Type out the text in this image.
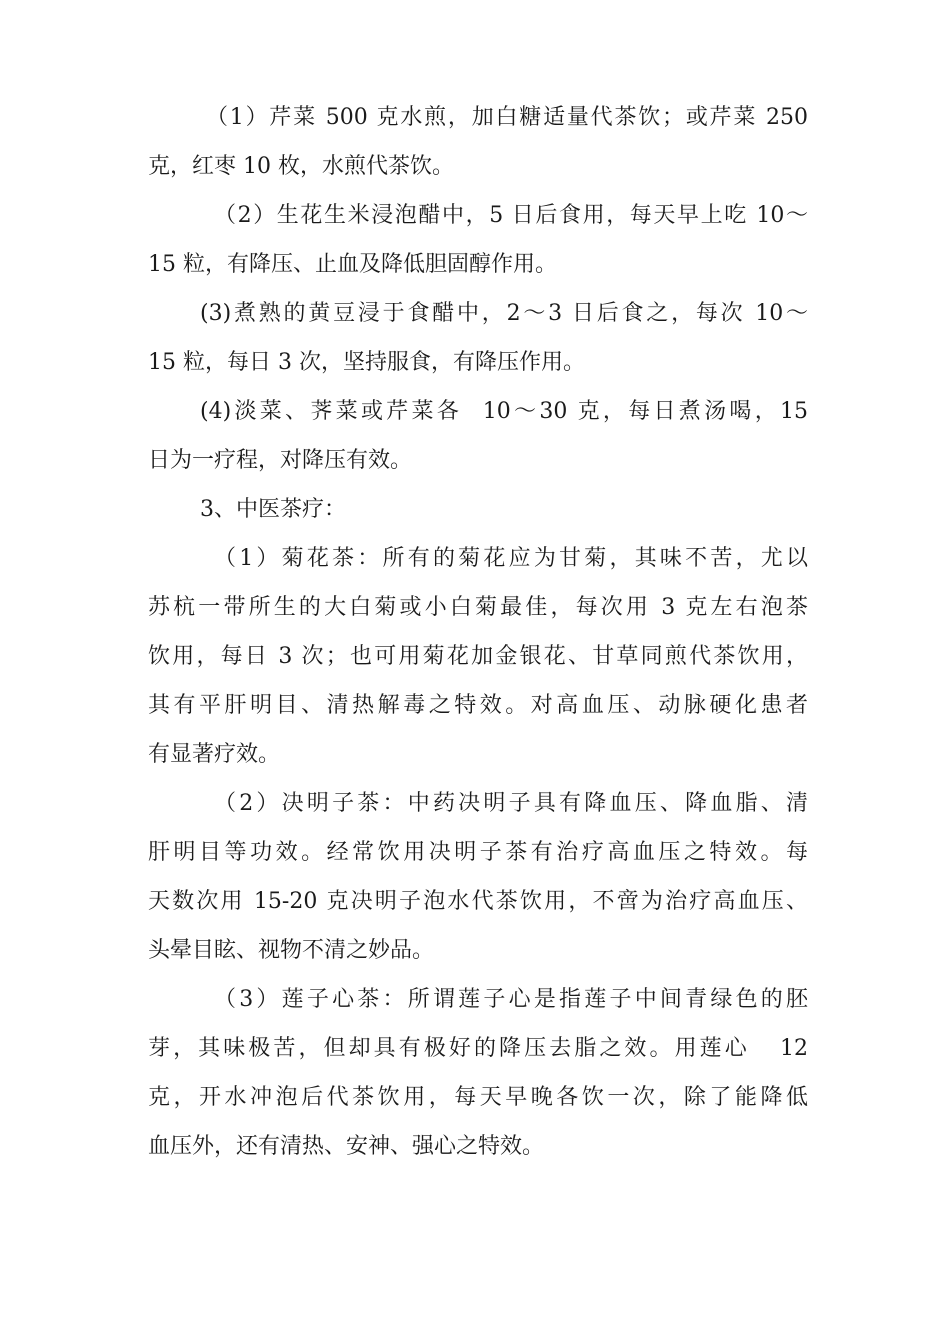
（1）芹菜 500 克水煎，加白糖适量代茶饮；或芹菜 250
克，红枣 10 枚，水煎代茶饮。
（2）生花生米浸泡醋中，5 日后食用，每天早上吃 10～
15 粒，有降压、止血及降低胆固醇作用。
(3)煮熟的黄豆浸于食醋中，2～3 日后食之，每次 10～
15 粒，每日 3 次，坚持服食，有降压作用。
(4)淡菜、荠菜或芹菜各  10～30 克，每日煮汤喝，15
日为一疗程，对降压有效。
3、中医茶疗：
（1）菊花茶：所有的菊花应为甘菊，其味不苦，尤以
苏杭一带所生的大白菊或小白菊最佳，每次用 3 克左右泡茶
饮用，每日 3 次；也可用菊花加金银花、甘草同煎代茶饮用，
其有平肝明目、清热解毒之特效。对高血压、动脉硬化患者
有显著疗效。
（2）决明子茶：中药决明子具有降血压、降血脂、清
肝明目等功效。经常饮用决明子茶有治疗高血压之特效。每
天数次用 15-20 克决明子泡水代茶饮用，不啻为治疗高血压、
头晕目眩、视物不清之妙品。
（3）莲子心茶：所谓莲子心是指莲子中间青绿色的胚
芽，其味极苦，但却具有极好的降压去脂之效。用莲心   12
克，开水冲泡后代茶饮用，每天早晚各饮一次，除了能降低
血压外，还有清热、安神、强心之特效。
